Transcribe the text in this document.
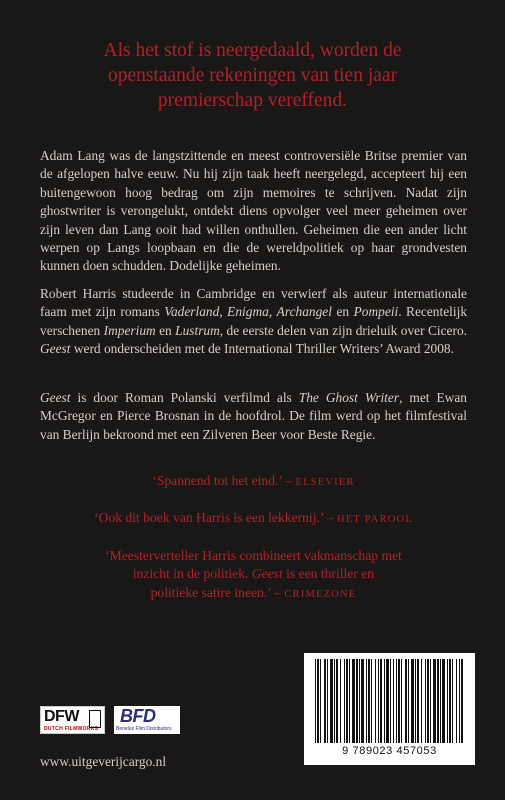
Als het stof is neergedaald, worden de
openstaande rekeningen van tien jaar
premierschap vereffend.

Adam Lang was de langstzittende en meest controversiële Britse premier van de afgelopen halve eeuw. Nu hij zijn taak heeft neergelegd, accepteert hij een buitengewoon hoog bedrag om zijn memoires te schrijven. Nadat zijn ghostwriter is verongelukt, ontdekt diens opvolger veel meer geheimen over zijn leven dan Lang ooit had willen onthullen. Geheimen die een ander licht werpen op Langs loopbaan en die de wereldpolitiek op haar grondvesten kunnen doen schudden. Dodelijke geheimen.

Robert Harris studeerde in Cambridge en verwierf als auteur internationale faam met zijn romans Vaderland, Enigma, Archangel en Pompeii. Recentelijk verschenen Imperium en Lustrum, de eerste delen van zijn drieluik over Cicero. Geest werd onderscheiden met de International Thriller Writers’ Award 2008.

Geest is door Roman Polanski verfilmd als The Ghost Writer, met Ewan McGregor en Pierce Brosnan in de hoofdrol. De film werd op het filmfestival van Berlijn bekroond met een Zilveren Beer voor Beste Regie.

‘Spannend tot het eind.’ – ELSEVIER
‘Ook dit boek van Harris is een lekkernij.’ – HET PAROOL
‘Meesterverteller Harris combineert vakmanschap met
inzicht in de politiek. Geest is een thriller en
politieke satire ineen.’ – CRIMEZONE
9 789023 457053
DFW
DUTCH FILMWORKS
BFD
Benelux Film Distributors
www.uitgeverijcargo.nl
